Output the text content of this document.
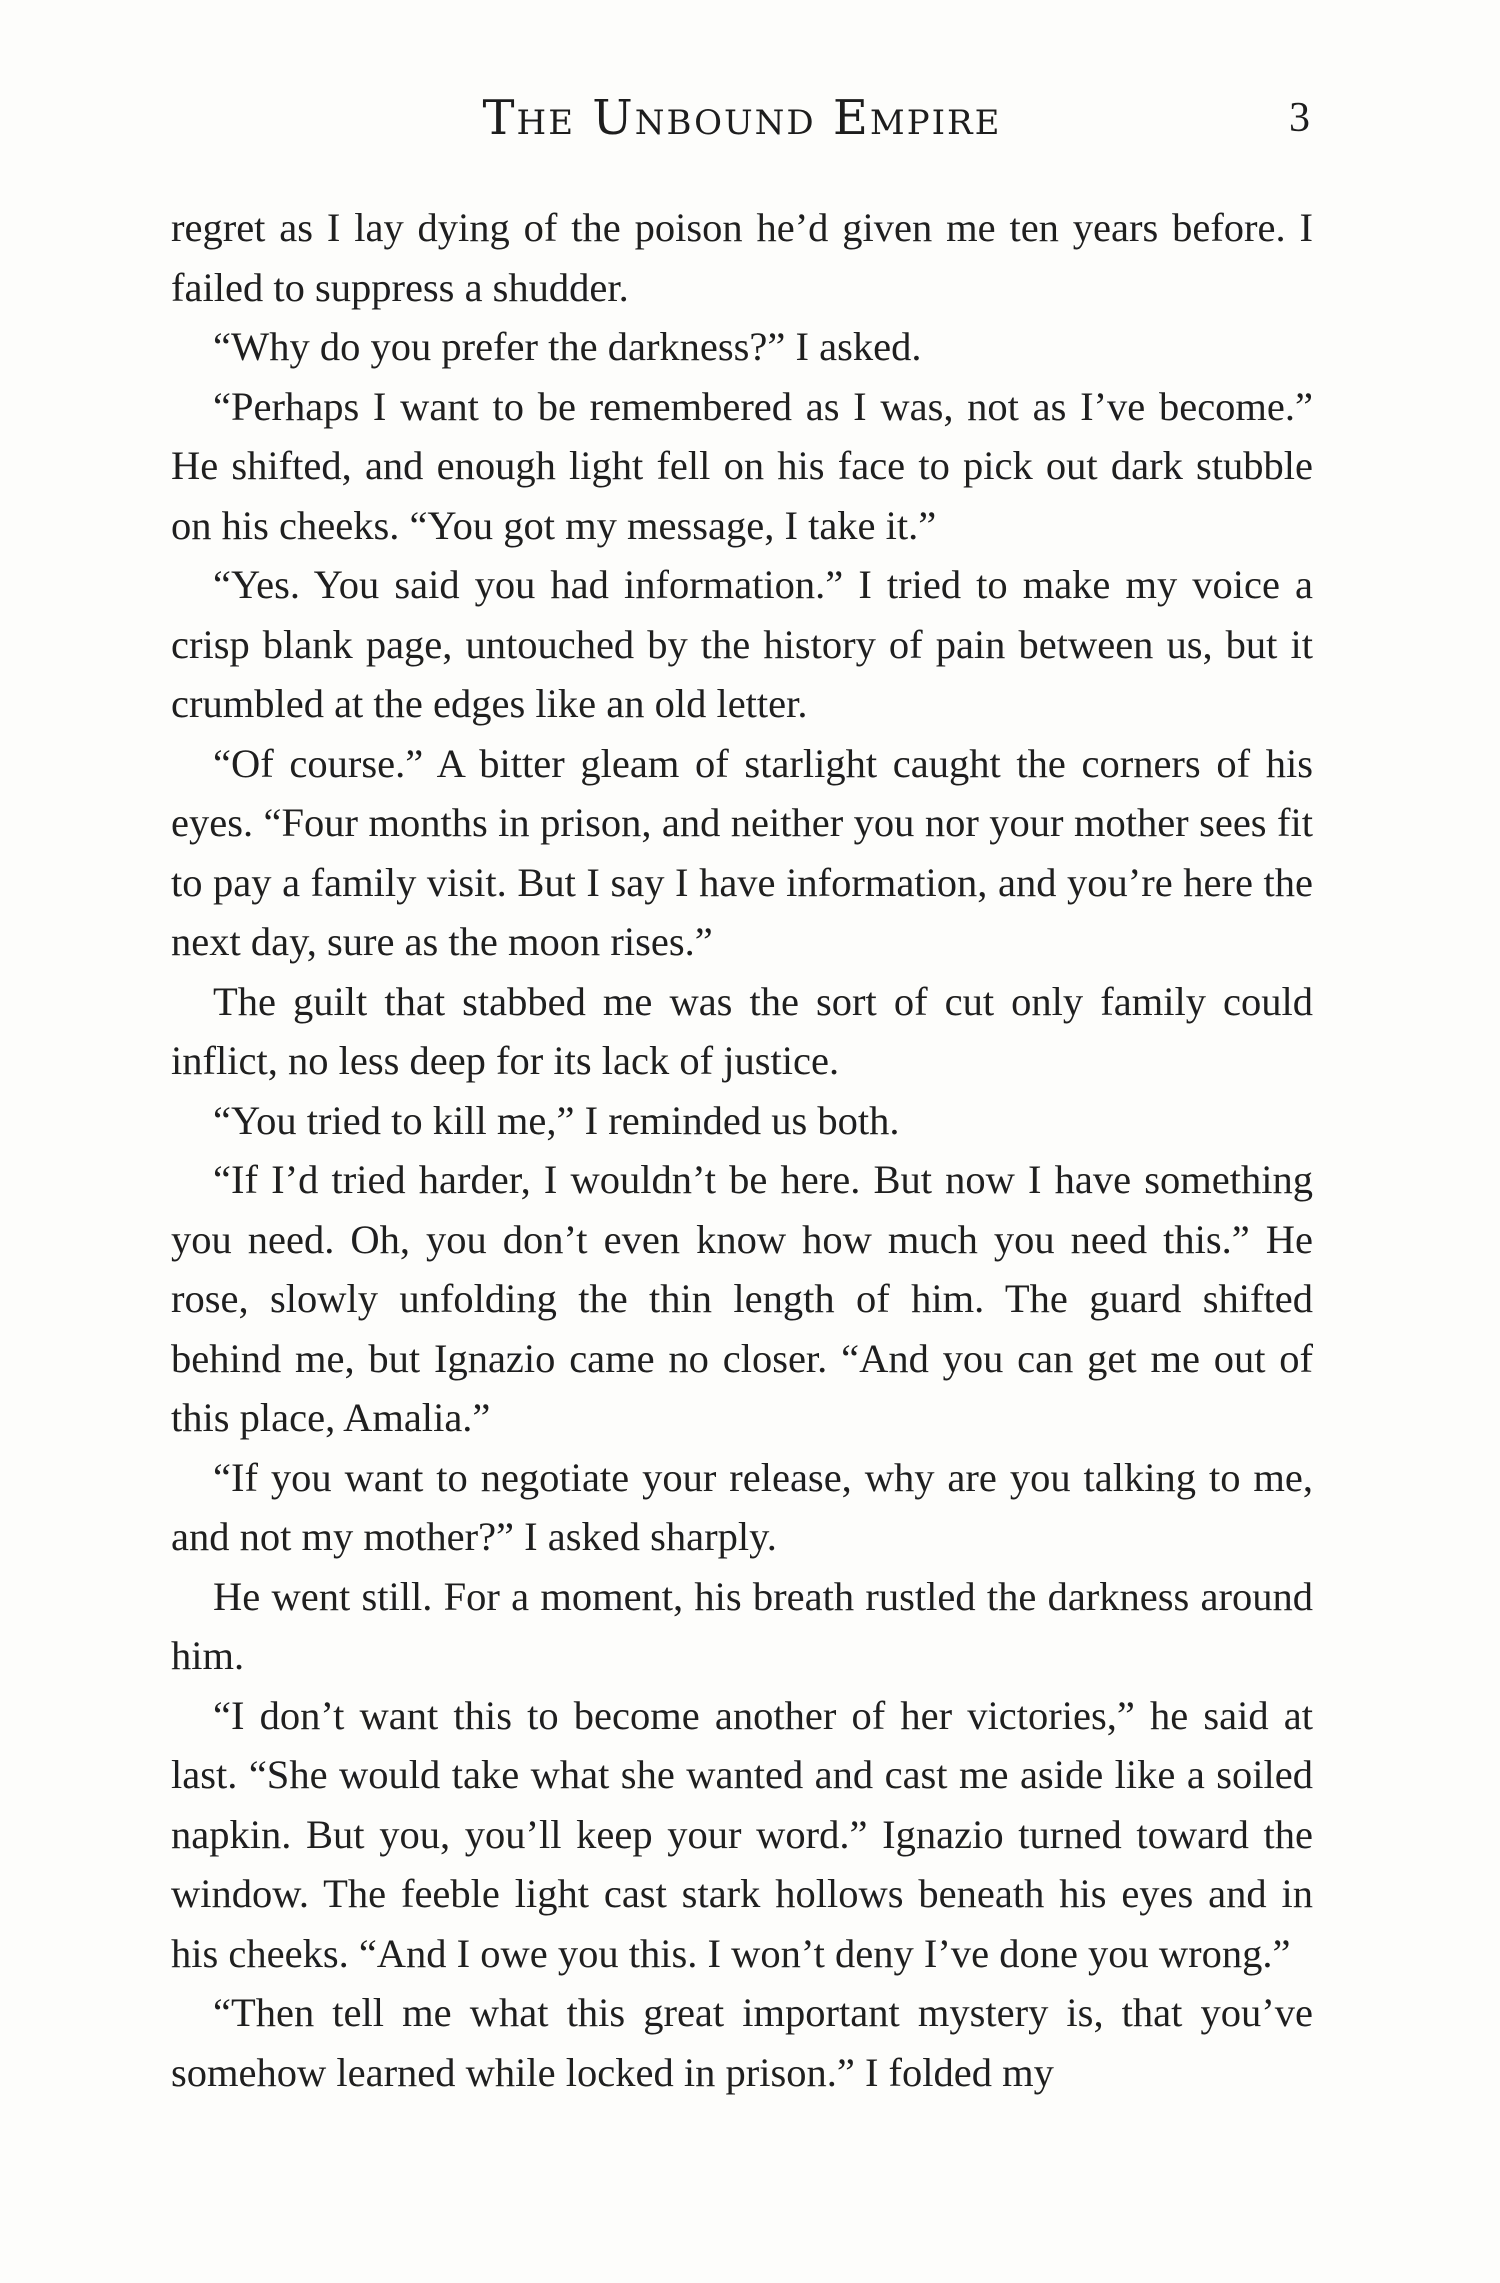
The Unbound Empire	3

regret as I lay dying of the poison he’d given me ten years before. I failed to suppress a shudder.

“Why do you prefer the darkness?” I asked.

“Perhaps I want to be remembered as I was, not as I’ve become.” He shifted, and enough light fell on his face to pick out dark stubble on his cheeks. “You got my message, I take it.”

“Yes. You said you had information.” I tried to make my voice a crisp blank page, untouched by the history of pain between us, but it crumbled at the edges like an old letter.

“Of course.” A bitter gleam of starlight caught the corners of his eyes. “Four months in prison, and neither you nor your mother sees fit to pay a family visit. But I say I have information, and you’re here the next day, sure as the moon rises.”

The guilt that stabbed me was the sort of cut only family could inflict, no less deep for its lack of justice.

“You tried to kill me,” I reminded us both.

“If I’d tried harder, I wouldn’t be here. But now I have something you need. Oh, you don’t even know how much you need this.” He rose, slowly unfolding the thin length of him. The guard shifted behind me, but Ignazio came no closer. “And you can get me out of this place, Amalia.”

“If you want to negotiate your release, why are you talking to me, and not my mother?” I asked sharply.

He went still. For a moment, his breath rustled the darkness around him.

“I don’t want this to become another of her victories,” he said at last. “She would take what she wanted and cast me aside like a soiled napkin. But you, you’ll keep your word.” Ignazio turned toward the window. The feeble light cast stark hollows beneath his eyes and in his cheeks. “And I owe you this. I won’t deny I’ve done you wrong.”

“Then tell me what this great important mystery is, that you’ve somehow learned while locked in prison.” I folded my
